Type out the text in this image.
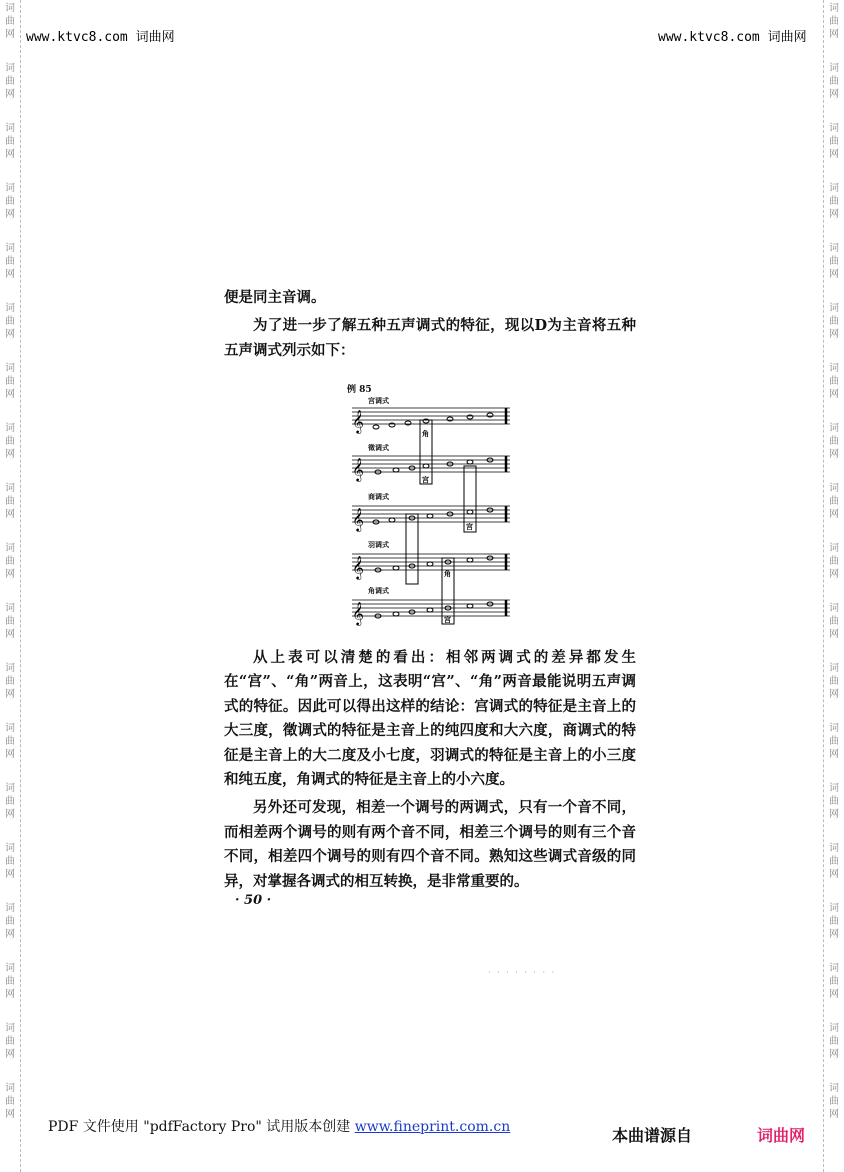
词
曲
网
词
曲
网
词
曲
网
词
曲
网
词
曲
网
词
曲
网
词
曲
网
词
曲
网
词
曲
网
词
曲
网
词
曲
网
词
曲
网
词
曲
网
词
曲
网
词
曲
网
词
曲
网
词
曲
网
词
曲
网
词
曲
网
词
曲
网
词
曲
网
词
曲
网
词
曲
网
词
曲
网
词
曲
网
词
曲
网
词
曲
网
词
曲
网
词
曲
网
词
曲
网
词
曲
网
词
曲
网
词
曲
网
词
曲
网
词
曲
网
词
曲
网
词
曲
网
词
曲
网
www.ktvc8.com 词曲网	www.ktvc8.com 词曲网

便是同主音调。

为了进一步了解五种五声调式的特征，现以D为主音将五种五声调式列示如下：

例 85
𝄞
𝄞
𝄞
𝄞
𝄞
角
宫
宫
角
宫
宫调式
徵调式
商调式
羽调式
角调式

从上表可以清楚的看出：相邻两调式的差异都发生在“宫”、“角”两音上，这表明“宫”、“角”两音最能说明五声调式的特征。因此可以得出这样的结论：宫调式的特征是主音上的大三度，徵调式的特征是主音上的纯四度和大六度，商调式的特征是主音上的大二度及小七度，羽调式的特征是主音上的小三度和纯五度，角调式的特征是主音上的小六度。

另外还可发现，相差一个调号的两调式，只有一个音不同，而相差两个调号的则有两个音不同，相差三个调号的则有三个音不同，相差四个调号的则有四个音不同。熟知这些调式音级的同异，对掌握各调式的相互转换，是非常重要的。

· 50 ·
· · · · · · · ·
PDF 文件使用 "pdfFactory Pro" 试用版本创建 www.fineprint.com.cn	本曲谱源自	词曲网
